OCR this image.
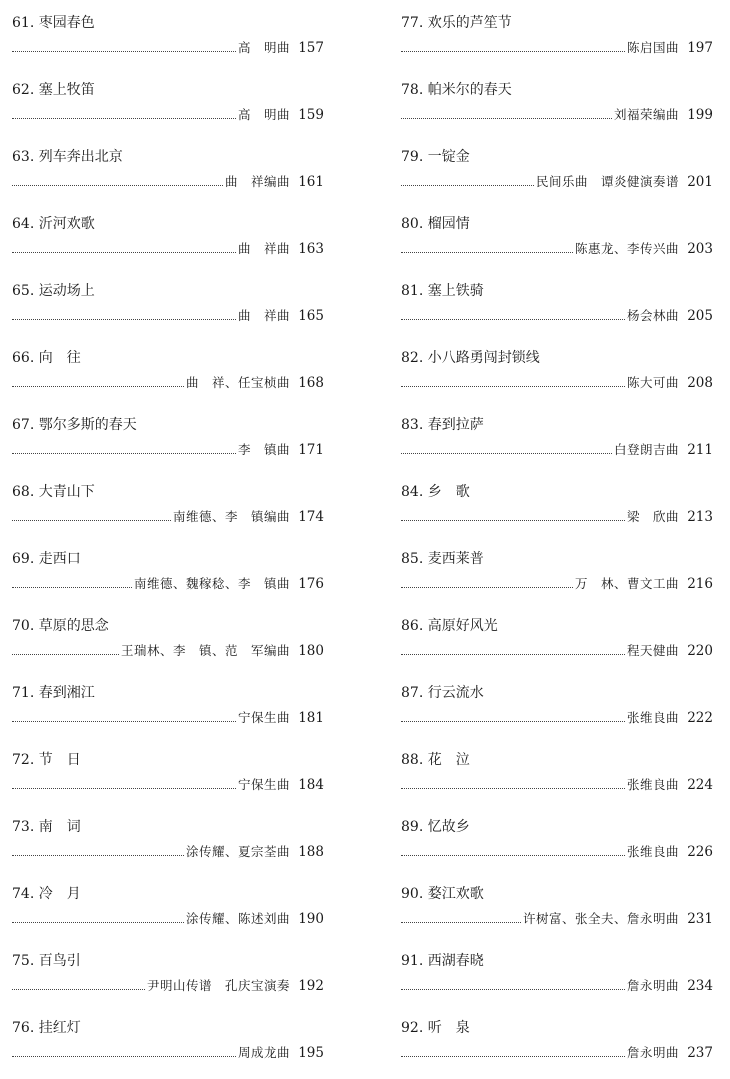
61. 枣园春色
高　明曲 157
62. 塞上牧笛
高　明曲 159
63. 列车奔出北京
曲　祥编曲 161
64. 沂河欢歌
曲　祥曲 163
65. 运动场上
曲　祥曲 165
66. 向　往
曲　祥、任宝桢曲 168
67. 鄂尔多斯的春天
李　镇曲 171
68. 大青山下
南维德、李　镇编曲 174
69. 走西口
南维德、魏稼稔、李　镇曲 176
70. 草原的思念
王瑞林、李　镇、范　军编曲 180
71. 春到湘江
宁保生曲 181
72. 节　日
宁保生曲 184
73. 南　词
涂传耀、夏宗荃曲 188
74. 冷　月
涂传耀、陈述刘曲 190
75. 百鸟引
尹明山传谱　孔庆宝演奏 192
76. 挂红灯
周成龙曲 195
77. 欢乐的芦笙节
陈启国曲 197
78. 帕米尔的春天
刘福荣编曲 199
79. 一锭金
民间乐曲　谭炎健演奏谱 201
80. 榴园情
陈惠龙、李传兴曲 203
81. 塞上铁骑
杨会林曲 205
82. 小八路勇闯封锁线
陈大可曲 208
83. 春到拉萨
白登朗吉曲 211
84. 乡　歌
梁　欣曲 213
85. 麦西莱普
万　林、曹文工曲 216
86. 高原好风光
程天健曲 220
87. 行云流水
张维良曲 222
88. 花　泣
张维良曲 224
89. 忆故乡
张维良曲 226
90. 婺江欢歌
许树富、张全夫、詹永明曲 231
91. 西湖春晓
詹永明曲 234
92. 听　泉
詹永明曲 237
